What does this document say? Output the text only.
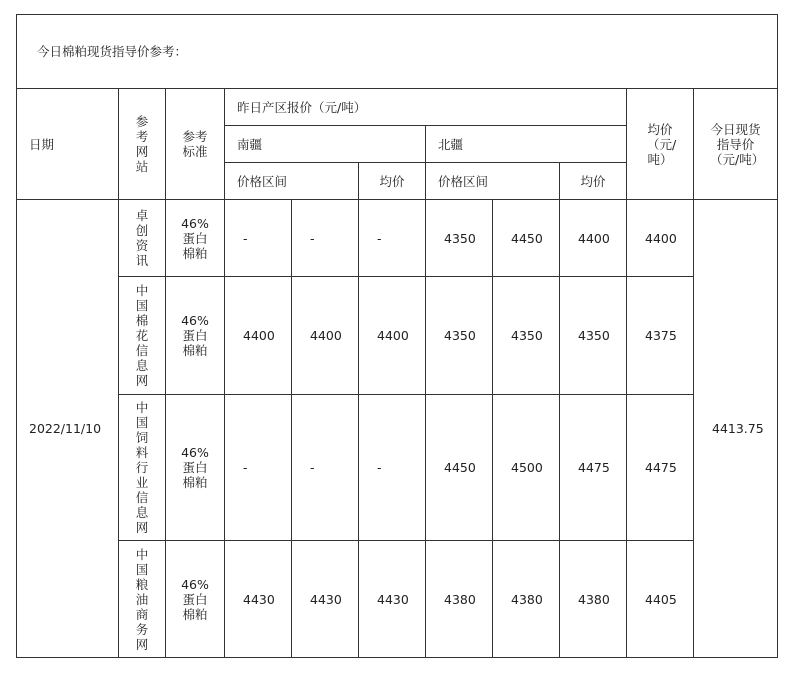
今日棉粕现货指导价参考：										
日期	参考网站	参考标准	昨日产区报价（元/吨）						均价（元/吨）	今日现货指导价（元/吨）
			南疆			北疆				
			价格区间		均价	价格区间		均价		
2022/11/10	卓创资讯	46%蛋白棉粕	-	-	-	4350	4450	4400	4400	4413.75
	中国棉花信息网	46%蛋白棉粕	4400	4400	4400	4350	4350	4350	4375	
	中国饲料行业信息网	46%蛋白棉粕	-	-	-	4450	4500	4475	4475	
	中国粮油商务网	46%蛋白棉粕	4430	4430	4430	4380	4380	4380	4405	
